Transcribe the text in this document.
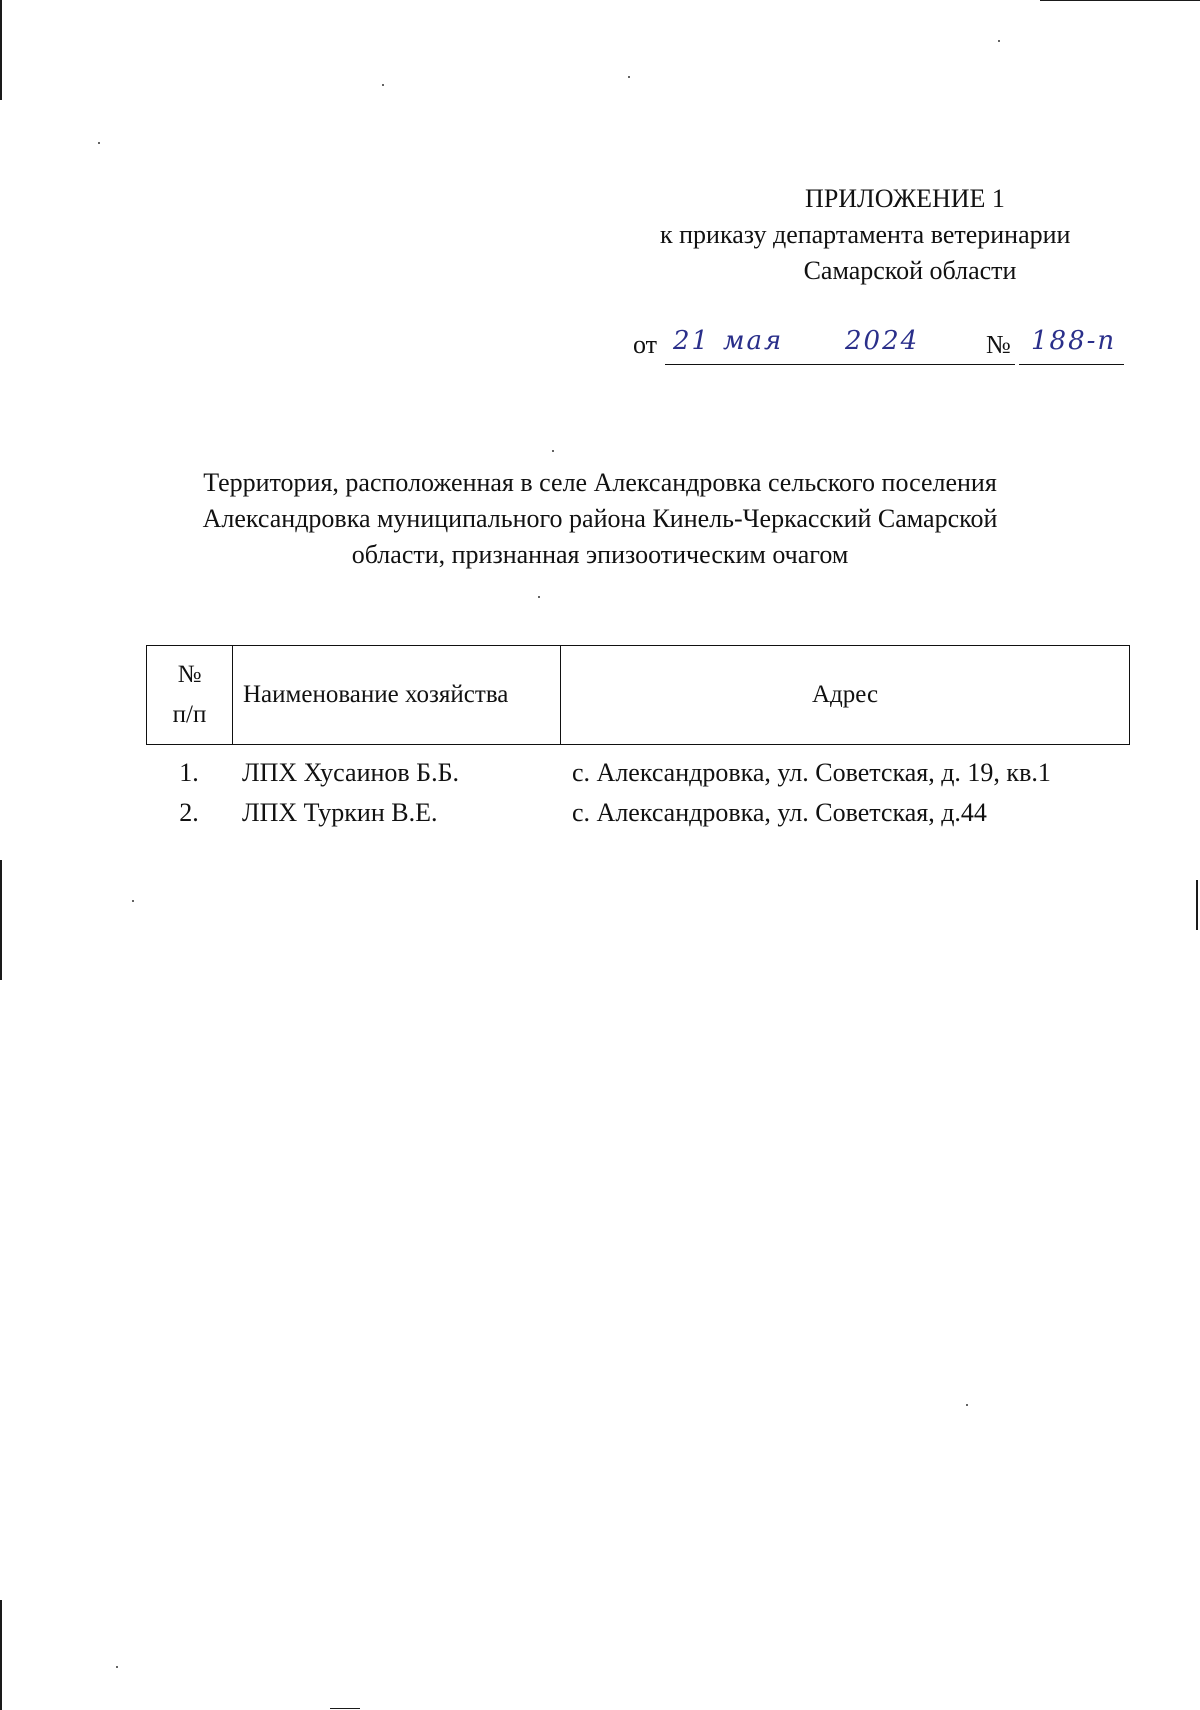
ПРИЛОЖЕНИЕ 1
к приказу департамента ветеринарии
Самарской области
от 21 мая 2024	№ 188-п
Территория, расположенная в селе Александровка сельского поселения
Александровка муниципального района Кинель-Черкасский Самарской
области, признанная эпизоотическим очагом
№
п/п
Наименование хозяйства	Адрес
1.	ЛПХ Хусаинов Б.Б.	с. Александровка, ул. Советская, д. 19, кв.1
2.	ЛПХ Туркин В.Е.	с. Александровка, ул. Советская, д.44
